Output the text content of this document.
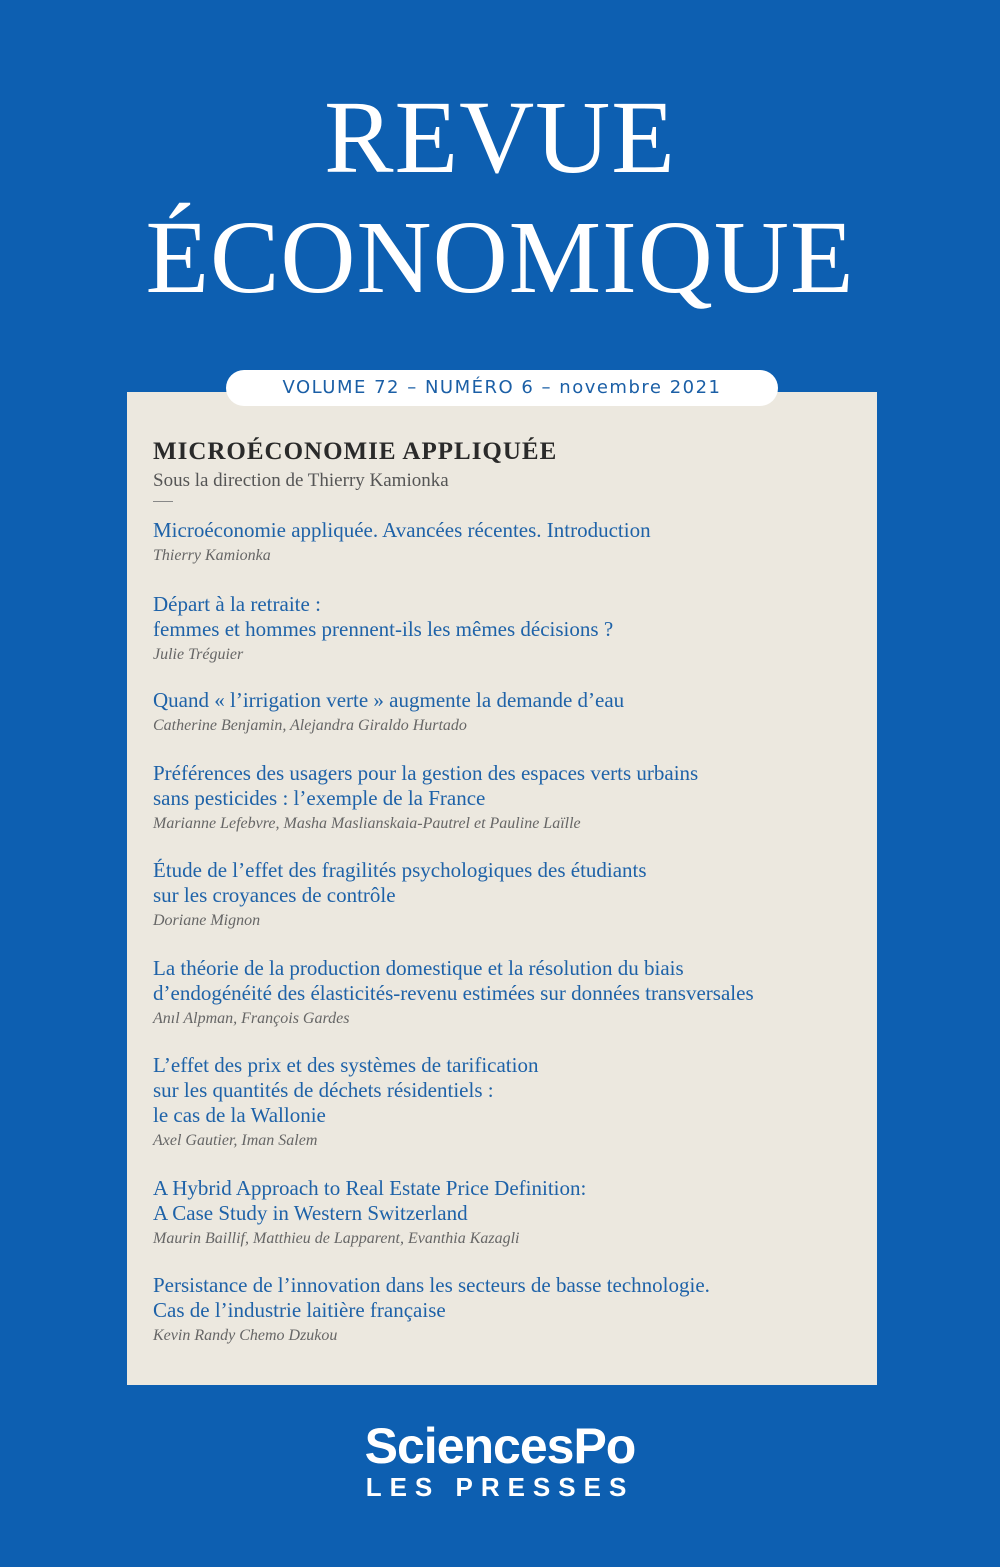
REVUE
ÉCONOMIQUE
VOLUME 72 – NUMÉRO 6 – novembre 2021
MICROÉCONOMIE APPLIQUÉE
Sous la direction de Thierry Kamionka
Microéconomie appliquée. Avancées récentes. Introduction
Thierry Kamionka
Départ à la retraite :
femmes et hommes prennent-ils les mêmes décisions ?
Julie Tréguier
Quand « l’irrigation verte » augmente la demande d’eau
Catherine Benjamin, Alejandra Giraldo Hurtado
Préférences des usagers pour la gestion des espaces verts urbains
sans pesticides : l’exemple de la France
Marianne Lefebvre, Masha Maslianskaia-Pautrel et Pauline Laïlle
Étude de l’effet des fragilités psychologiques des étudiants
sur les croyances de contrôle
Doriane Mignon
La théorie de la production domestique et la résolution du biais
d’endogénéité des élasticités-revenu estimées sur données transversales
Anıl Alpman, François Gardes
L’effet des prix et des systèmes de tarification
sur les quantités de déchets résidentiels :
le cas de la Wallonie
Axel Gautier, Iman Salem
A Hybrid Approach to Real Estate Price Definition:
A Case Study in Western Switzerland
Maurin Baillif, Matthieu de Lapparent, Evanthia Kazagli
Persistance de l’innovation dans les secteurs de basse technologie.
Cas de l’industrie laitière française
Kevin Randy Chemo Dzukou
SciencesPo
LES PRESSES
